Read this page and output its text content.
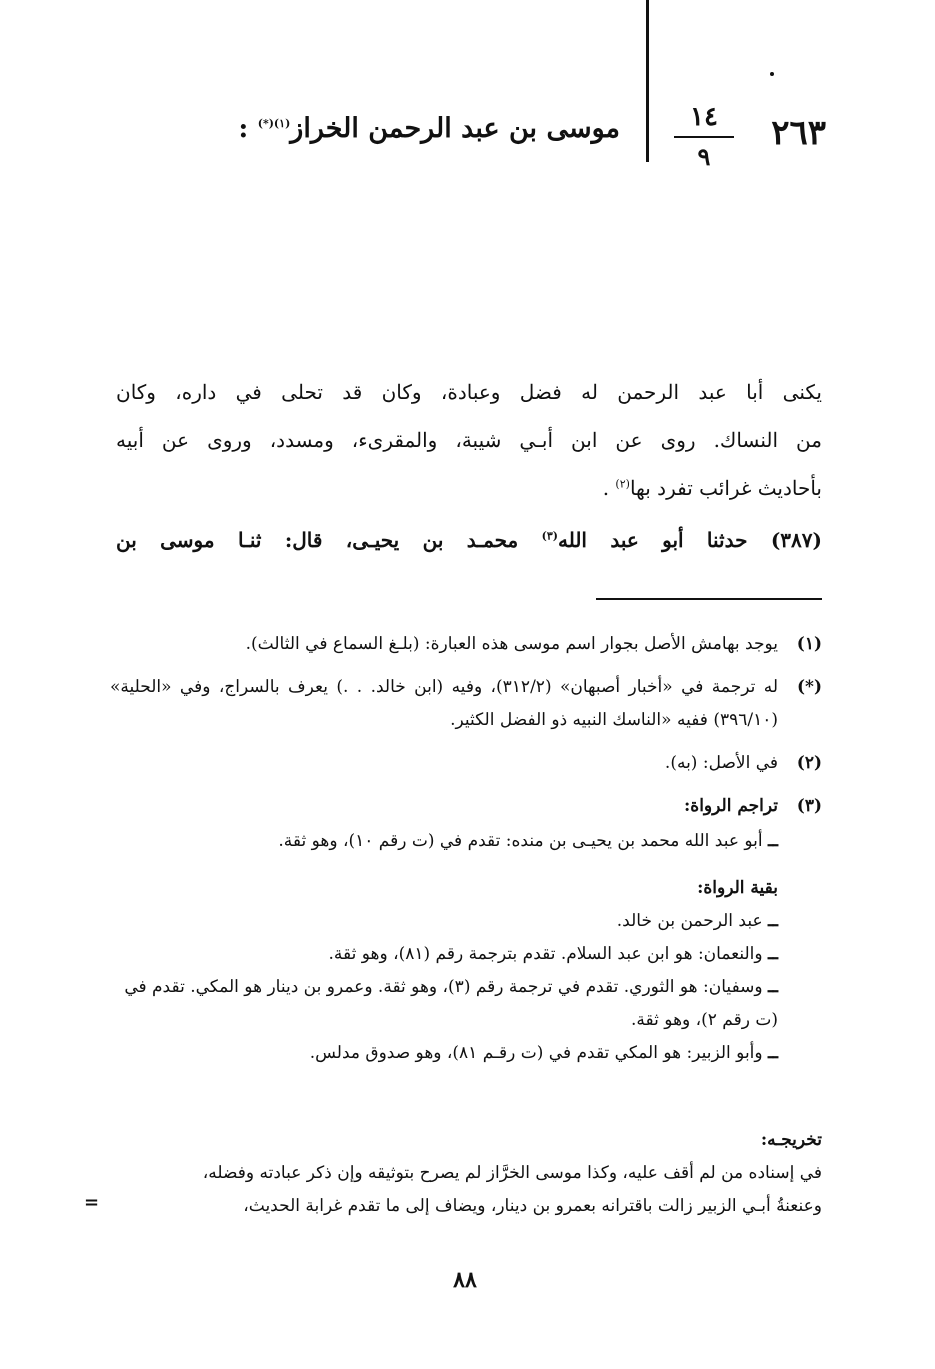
٢٦٣
١٤
٩
موسى بن عبد الرحمن الخراز$^{(١)(*)}$ :
يكنى أبا عبد الرحمن له فضل وعبادة، وكان قد تحلى في داره، وكان
من النساك. روى عن ابن أبـي شيبة، والمقرىء، ومسدد، وروى عن أبيه
بأحاديث غرائب تفرد بها$^{(٢)}$ .
(٣٨٧) حدثنا أبو عبد الله$^{(٣)}$ محمـد بن يحيـى، قال: ثنـا موسى بن
(١)
يوجد بهامش الأصل بجوار اسم موسى هذه العبارة: (بلـغ السماع في الثالث).
(*)
له ترجمة في «أخبار أصبهان» (٣١٢/٢)، وفيه (ابن خالد. . .) يعرف بالسراج، وفي «الحلية» (٣٩٦/١٠) ففيه «الناسك النبيه ذو الفضل الكثير.
(٢)
في الأصل: (به).
(٣)
تراجم الرواة:
ــ أبو عبد الله محمد بن يحيـى بن منده: تقدم في (ت رقم ١٠)، وهو ثقة.
بقية الرواة:
ــ عبد الرحمن بن خالد.
ــ والنعمان: هو ابن عبد السلام. تقدم بترجمة رقم (٨١)، وهو ثقة.
ــ وسفيان: هو الثوري. تقدم في ترجمة رقم (٣)، وهو ثقة. وعمرو بن دينار هو المكي. تقدم في (ت رقم ٢)، وهو ثقة.
ــ وأبو الزبير: هو المكي تقدم في (ت رقـم ٨١)، وهو صدوق مدلس.
تخريجـه:
في إسناده من لم أقف عليه، وكذا موسى الخرَّاز لم يصرح بتوثيقه وإن ذكر عبادته وفضله،
وعنعنةُ أبـي الزبير زالت باقترانه بعمرو بن دينار، ويضاف إلى ما تقدم غرابة الحديث،
=
٨٨
